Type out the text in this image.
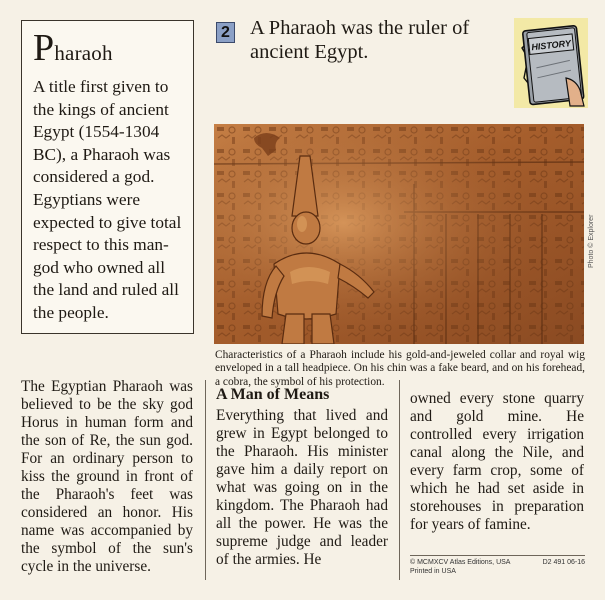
Pharaoh

A title first given to the kings of ancient Egypt (1554-1304 BC), a Pharaoh was considered a god. Egyptians were expected to give total respect to this man-god who owned all the land and ruled all the people.

2 A Pharaoh was the ruler of ancient Egypt.	HISTORY
Photo © Explorer
Characteristics of a Pharaoh include his gold-and-jeweled collar and royal wig enveloped in a tall headpiece. On his chin was a fake beard, and on his forehead, a cobra, the symbol of his protection.
The Egyptian Pharaoh was believed to be the sky god Horus in human form and the son of Re, the sun god. For an ordinary person to kiss the ground in front of the Pharaoh's feet was considered an honor. His name was accompanied by the symbol of the sun's cycle in the universe.
A Man of Means
Everything that lived and grew in Egypt belonged to the Pharaoh. His minister gave him a daily report on what was going on in the kingdom. The Pharaoh had all the power. He was the supreme judge and leader of the armies. He
owned every stone quarry and gold mine. He controlled every irrigation canal along the Nile, and every farm crop, some of which he had set aside in storehouses in preparation for years of famine.
© MCMXCV Atlas Editions, USA
Printed in USA
D2 491 06-16
